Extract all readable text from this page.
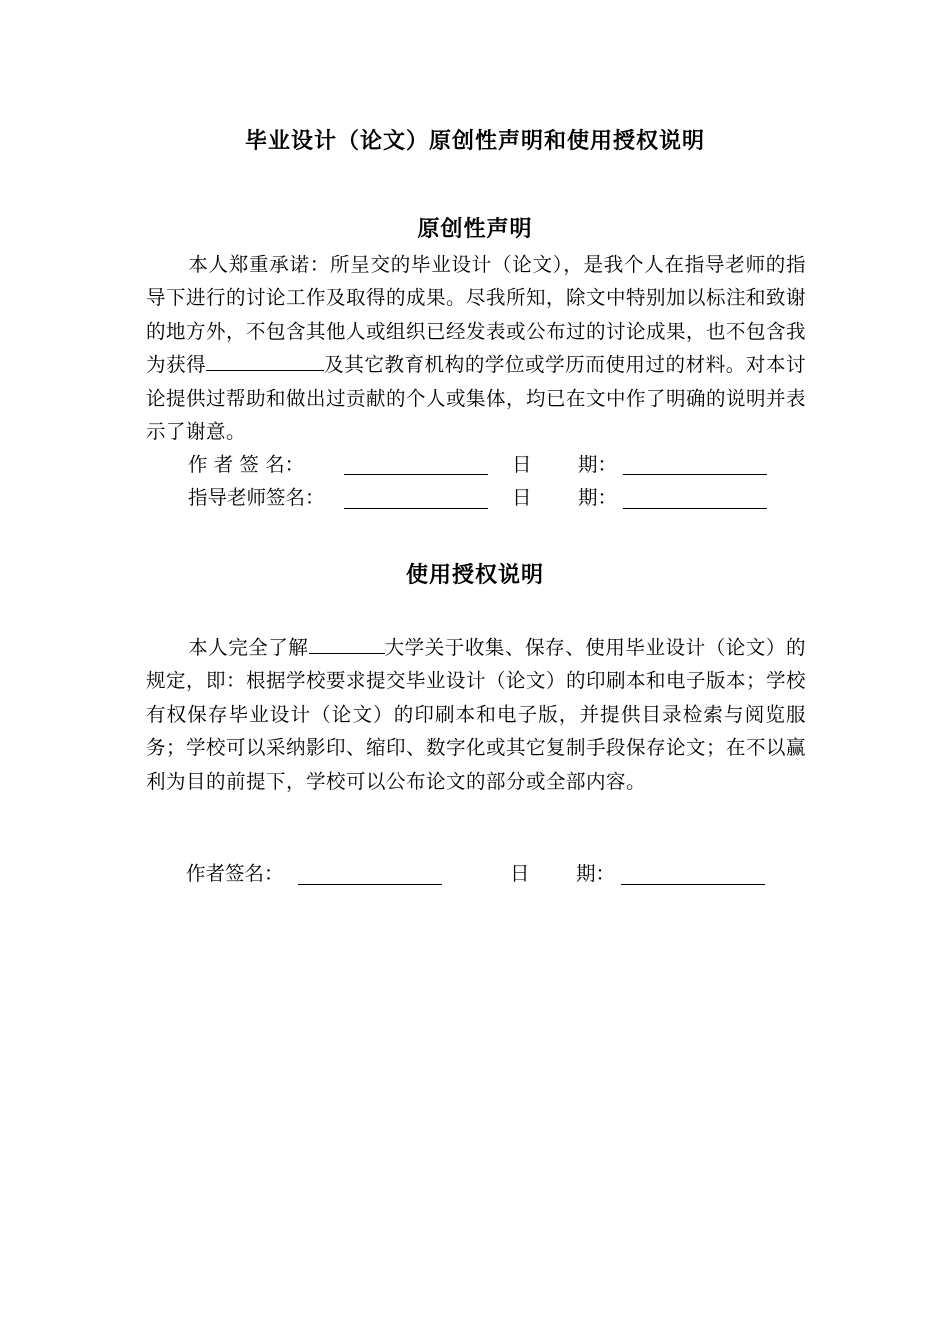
毕业设计（论文）原创性声明和使用授权说明
原创性声明
本人郑重承诺：所呈交的毕业设计（论文），是我个人在指导老师的指导下进行的讨论工作及取得的成果。尽我所知，除文中特别加以标注和致谢的地方外，不包含其他人或组织已经发表或公布过的讨论成果，也不包含我为获得	及其它教育机构的学位或学历而使用过的材料。对本讨论提供过帮助和做出过贡献的个人或集体，均已在文中作了明确的说明并表示了谢意。
作 者 签 名：	日 期：
指导老师签名：	日 期：
使用授权说明
本人完全了解	大学关于收集、保存、使用毕业设计（论文）的规定，即：根据学校要求提交毕业设计（论文）的印刷本和电子版本；学校有权保存毕业设计（论文）的印刷本和电子版，并提供目录检索与阅览服务；学校可以采纳影印、缩印、数字化或其它复制手段保存论文；在不以赢利为目的前提下，学校可以公布论文的部分或全部内容。
作者签名：	日 期：
